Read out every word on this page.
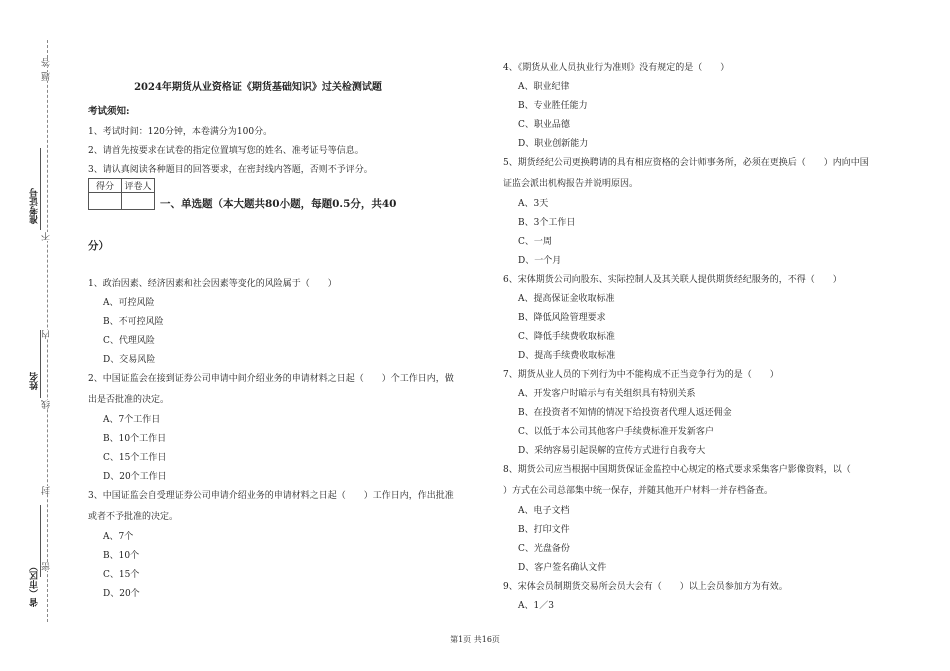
答
题
不
内
线
封
密
准考证号
姓名
省（市区）
2024年期货从业资格证《期货基础知识》过关检测试题
考试须知:
1、考试时间：120分钟，本卷满分为100分。
2、请首先按要求在试卷的指定位置填写您的姓名、准考证号等信息。
3、请认真阅读各种题目的回答要求，在密封线内答题，否则不予评分。
得分	评卷人

一、单选题（本大题共80小题，每题0.5分，共40
分）
1、政治因素、经济因素和社会因素等变化的风险属于（　　）
A、可控风险
B、不可控风险
C、代理风险
D、交易风险
2、中国证监会在接到证券公司申请中间介绍业务的申请材料之日起（　　）个工作日内，做
出是否批准的决定。
A、7个工作日
B、10个工作日
C、15个工作日
D、20个工作日
3、中国证监会自受理证券公司申请介绍业务的申请材料之日起（　　）工作日内，作出批准
或者不予批准的决定。
A、7个
B、10个
C、15个
D、20个
4、《期货从业人员执业行为准则》没有规定的是（　　）
A、职业纪律
B、专业胜任能力
C、职业品德
D、职业创新能力
5、期货经纪公司更换聘请的具有相应资格的会计师事务所，必须在更换后（　　）内向中国
证监会派出机构报告并说明原因。
A、3天
B、3个工作日
C、一周
D、一个月
6、宋体期货公司向股东、实际控制人及其关联人提供期货经纪服务的，不得（　　）
A、提高保证金收取标准
B、降低风险管理要求
C、降低手续费收取标准
D、提高手续费收取标准
7、期货从业人员的下列行为中不能构成不正当竞争行为的是（　　）
A、开发客户时暗示与有关组织具有特别关系
B、在投资者不知情的情况下给投资者代理人返还佣金
C、以低于本公司其他客户手续费标准开发新客户
D、采纳容易引起误解的宣传方式进行自我夸大
8、期货公司应当根据中国期货保证金监控中心规定的格式要求采集客户影像资料，以（
）方式在公司总部集中统一保存，并随其他开户材料一并存档备查。
A、电子文档
B、打印文件
C、光盘备份
D、客户签名确认文件
9、宋体会员制期货交易所会员大会有（　　）以上会员参加方为有效。
A、1／3
第1页 共16页
